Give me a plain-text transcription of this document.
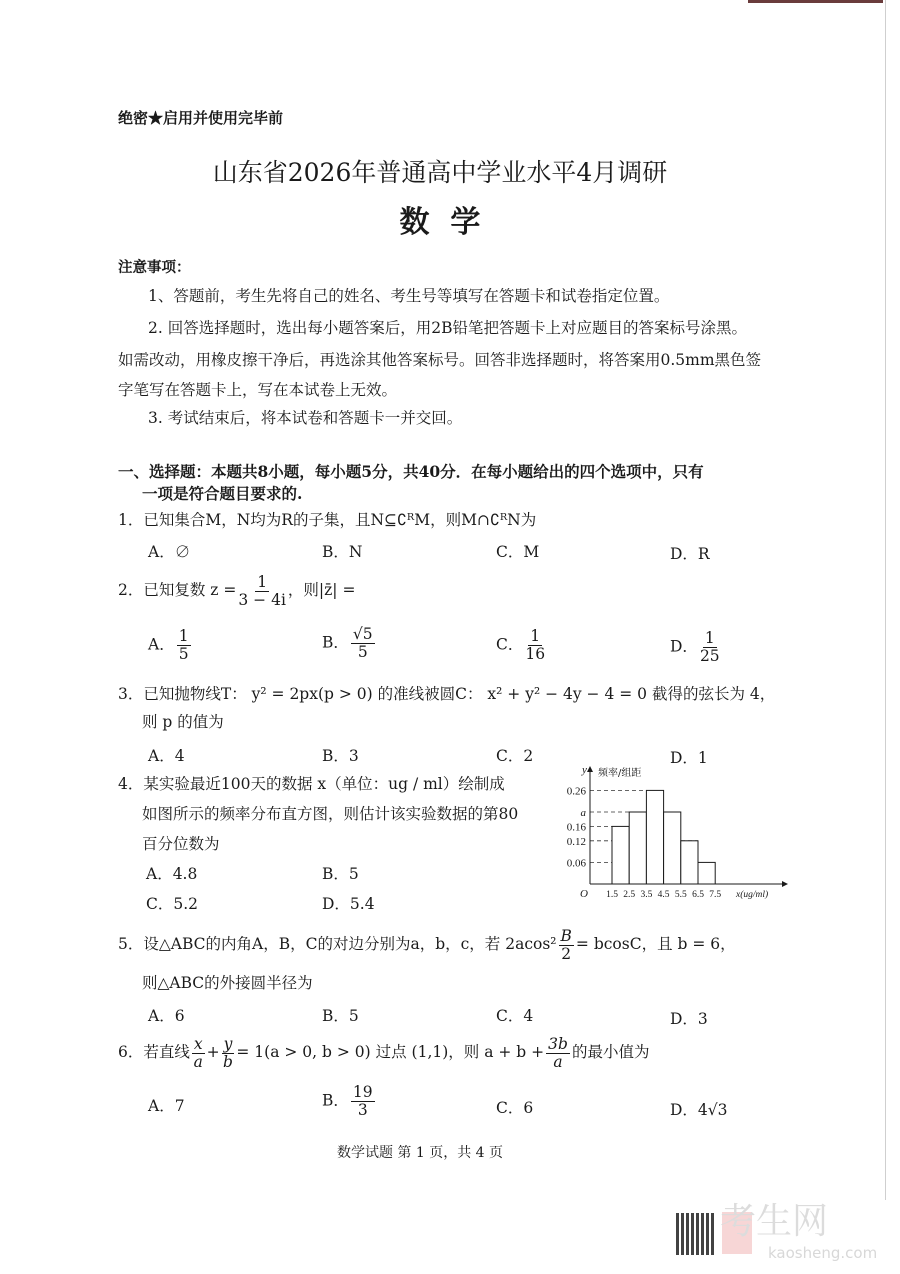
绝密★启用并使用完毕前
山东省2026年普通高中学业水平4月调研
数  学
注意事项：
1、答题前，考生先将自己的姓名、考生号等填写在答题卡和试卷指定位置。
2. 回答选择题时，选出每小题答案后，用2B铅笔把答题卡上对应题目的答案标号涂黑。
如需改动，用橡皮擦干净后，再选涂其他答案标号。回答非选择题时，将答案用0.5mm黑色签
字笔写在答题卡上，写在本试卷上无效。
3. 考试结束后，将本试卷和答题卡一并交回。
一、选择题：本题共8小题，每小题5分，共40分．在每小题给出的四个选项中，只有
一项是符合题目要求的.
1．已知集合M，N均为R的子集，且N⊆∁ᴿM，则M∩∁ᴿN为
A．∅	B．N	C．M	D．R
2．已知复数 $z = \frac{1}{3 - 4i}$ ，则|z̄| =
A． $\frac{1}{5}$	B． $\frac{√5}{5}$	C． $\frac{1}{16}$	D． $\frac{1}{25}$
3．已知抛物线T： y² = 2px(p > 0) 的准线被圆C： x² + y² − 4y − 4 = 0 截得的弦长为 4，
则 p 的值为
A．4	B．3	C．2	D．1
4．某实验最近100天的数据 x（单位：ug / ml）绘制成
如图所示的频率分布直方图，则估计该实验数据的第80
百分位数为
A．4.8	B．5
C．5.2	D．5.4
0.06
0.12
0.16
a
0.26
y 频率/组距
O	x(ug/ml)
1.5 2.5 3.5 4.5 5.5 6.5 7.5
5．设△ABC的内角A，B，C的对边分别为a，b，c，若 $2acos^2 \frac{B}{2} = bcosC$，且 b = 6，
则△ABC的外接圆半径为
A．6	B．5	C．4	D．3
6．若直线 $\frac{x}{a} + \frac{y}{b} = 1(a > 0$, b > 0) 过点 (1,1)，则 $a + b + \frac{3b}{a}$ 的最小值为
A．7	B． $\frac{19}{3}$	C．6	D．4√3
数学试题 第 1 页，共 4 页
考生网
kaosheng.com
